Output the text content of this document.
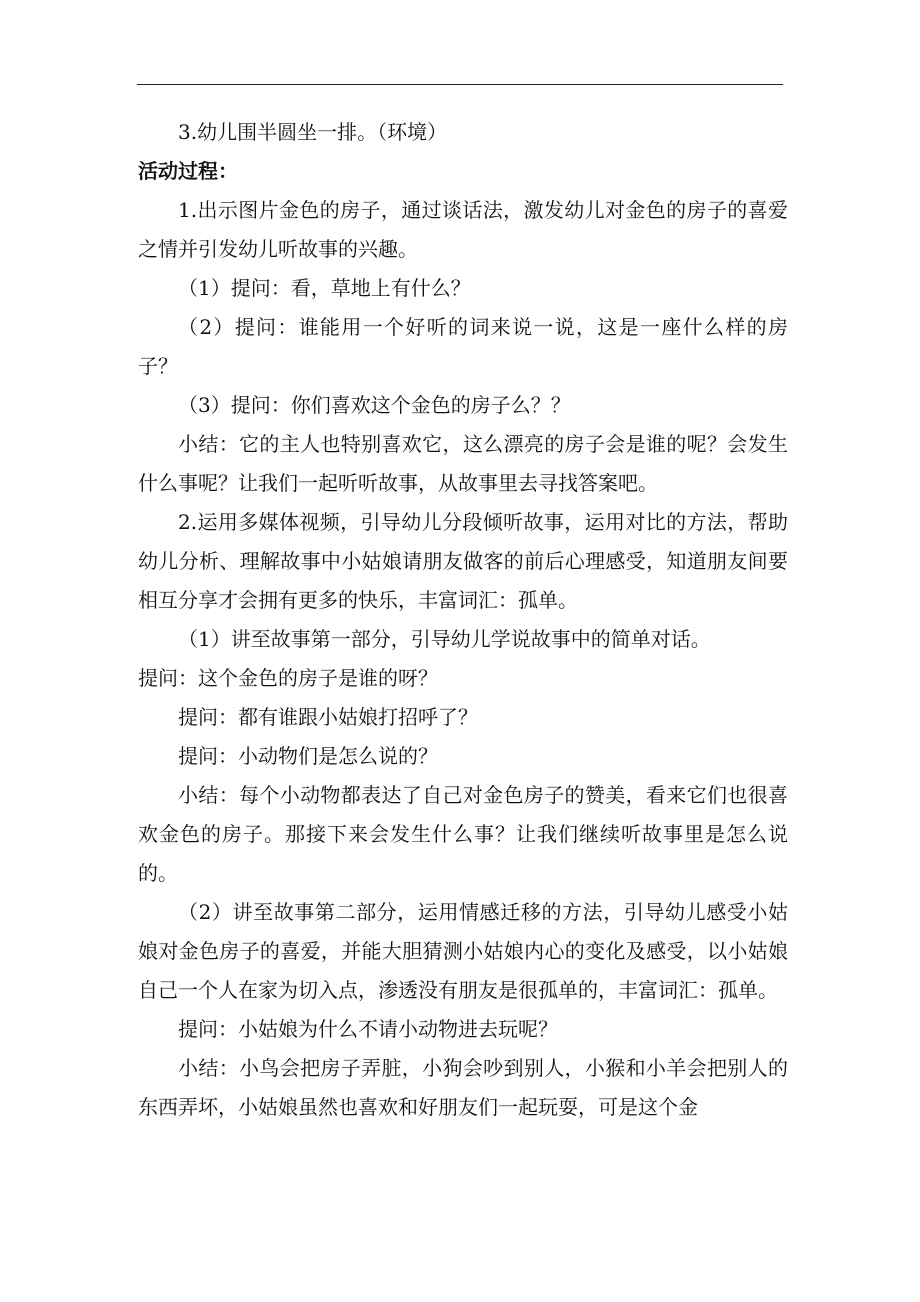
3.幼儿围半圆坐一排。（环境）

活动过程：

1.出示图片金色的房子，通过谈话法，激发幼儿对金色的房子的喜爱之情并引发幼儿听故事的兴趣。

（1）提问：看，草地上有什么？

（2）提问：谁能用一个好听的词来说一说，这是一座什么样的房子？

（3）提问：你们喜欢这个金色的房子么？？

小结：它的主人也特别喜欢它，这么漂亮的房子会是谁的呢？会发生什么事呢？让我们一起听听故事，从故事里去寻找答案吧。

2.运用多媒体视频，引导幼儿分段倾听故事，运用对比的方法，帮助幼儿分析、理解故事中小姑娘请朋友做客的前后心理感受，知道朋友间要相互分享才会拥有更多的快乐，丰富词汇：孤单。

（1）讲至故事第一部分，引导幼儿学说故事中的简单对话。

提问：这个金色的房子是谁的呀？

提问：都有谁跟小姑娘打招呼了？

提问：小动物们是怎么说的？

小结：每个小动物都表达了自己对金色房子的赞美，看来它们也很喜欢金色的房子。那接下来会发生什么事？让我们继续听故事里是怎么说的。

（2）讲至故事第二部分，运用情感迁移的方法，引导幼儿感受小姑娘对金色房子的喜爱，并能大胆猜测小姑娘内心的变化及感受，以小姑娘自己一个人在家为切入点，渗透没有朋友是很孤单的，丰富词汇：孤单。

提问：小姑娘为什么不请小动物进去玩呢？

小结：小鸟会把房子弄脏，小狗会吵到别人，小猴和小羊会把别人的东西弄坏，小姑娘虽然也喜欢和好朋友们一起玩耍，可是这个金
